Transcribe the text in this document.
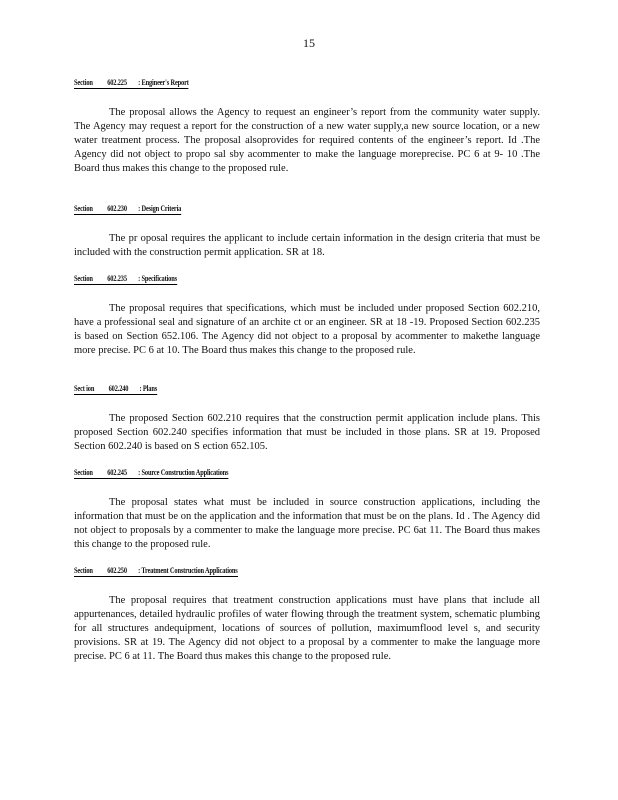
15
Section 602.225 : Engineer's Report
The proposal allows the Agency to request an engineer’s report from the community water supply. The Agency may request a report for the construction of a new water supply,a new source location, or a new water treatment process. The proposal alsoprovides for required contents of the engineer’s report. Id .The Agency did not object to propo sal sby acommenter to make the language moreprecise. PC 6 at 9- 10 .The Board thus makes this change to the proposed rule.
Section 602.230 : Design Criteria
The pr oposal requires the applicant to include certain information in the design criteria that must be included with the construction permit application. SR at 18.
Section 602.235 : Specifications
The proposal requires that specifications, which must be included under proposed Section 602.210, have a professional seal and signature of an archite ct or an engineer. SR at 18 -19. Proposed Section 602.235 is based on Section 652.106. The Agency did not object to a proposal by acommenter to makethe language more precise. PC 6 at 10. The Board thus makes this change to the proposed rule.
Sect ion 602.240 : Plans
The proposed Section 602.210 requires that the construction permit application include plans. This proposed Section 602.240 specifies information that must be included in those plans. SR at 19. Proposed Section 602.240 is based on S ection 652.105.
Section 602.245 : Source Construction Applications
The proposal states what must be included in source construction applications, including the information that must be on the application and the information that must be on the plans. Id . The Agency did not object to proposals by a commenter to make the language more precise. PC 6at 11. The Board thus makes this change to the proposed rule.
Section 602.250 : Treatment Construction Applications
The proposal requires that treatment construction applications must have plans that include all appurtenances, detailed hydraulic profiles of water flowing through the treatment system, schematic plumbing for all structures andequipment, locations of sources of pollution, maximumflood level s, and security provisions. SR at 19. The Agency did not object to a proposal by a commenter to make the language more precise. PC 6 at 11. The Board thus makes this change to the proposed rule.
